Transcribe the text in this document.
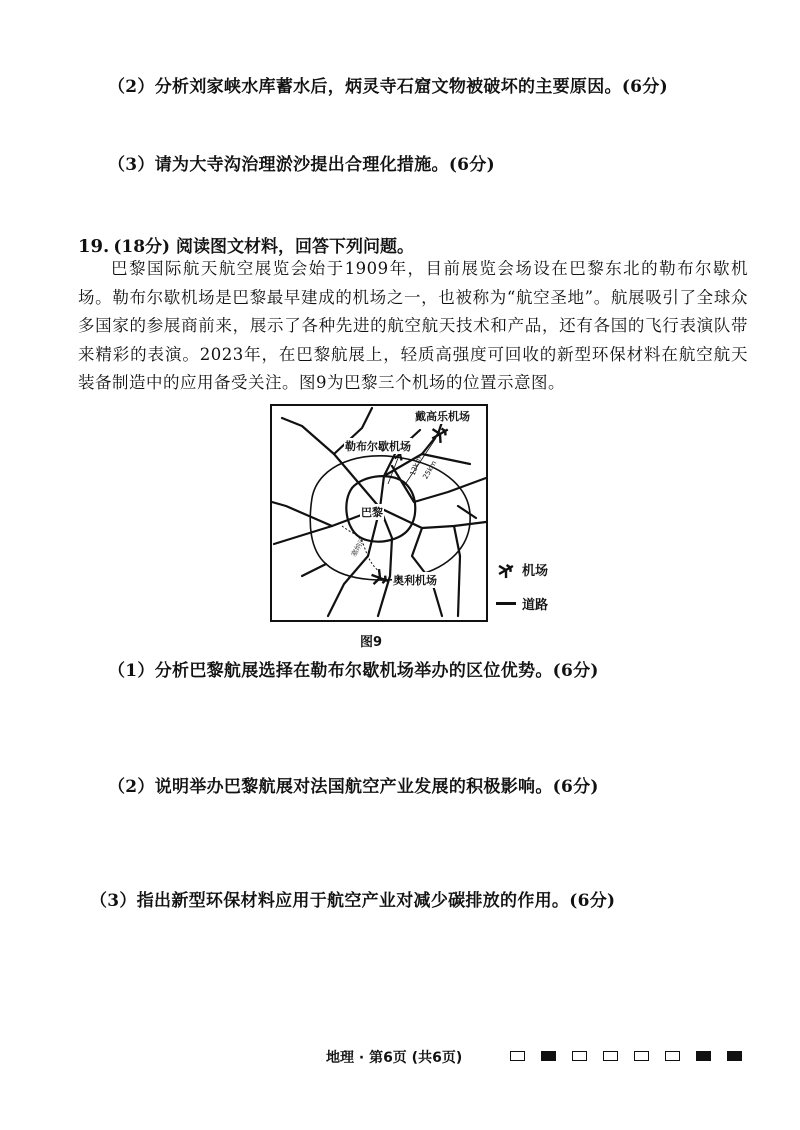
（2）分析刘家峡水库蓄水后，炳灵寺石窟文物被破坏的主要原因。(6分)
（3）请为大寺沟治理淤沙提出合理化措施。(6分)
19. (18分) 阅读图文材料，回答下列问题。
巴黎国际航天航空展览会始于1909年，目前展览会场设在巴黎东北的勒布尔歇机场。勒布尔歇机场是巴黎最早建成的机场之一，也被称为“航空圣地”。航展吸引了全球众多国家的参展商前来，展示了各种先进的航空航天技术和产品，还有各国的飞行表演队带来精彩的表演。2023年，在巴黎航展上，轻质高强度可回收的新型环保材料在航空航天装备制造中的应用备受关注。图9为巴黎三个机场的位置示意图。
戴高乐机场
勒布尔歇机场
巴黎
奥利机场
12km
25km
塞纳河
机场
道路
图9
（1）分析巴黎航展选择在勒布尔歇机场举办的区位优势。(6分)
（2）说明举办巴黎航展对法国航空产业发展的积极影响。(6分)
（3）指出新型环保材料应用于航空产业对减少碳排放的作用。(6分)
地理 · 第6页 (共6页)
